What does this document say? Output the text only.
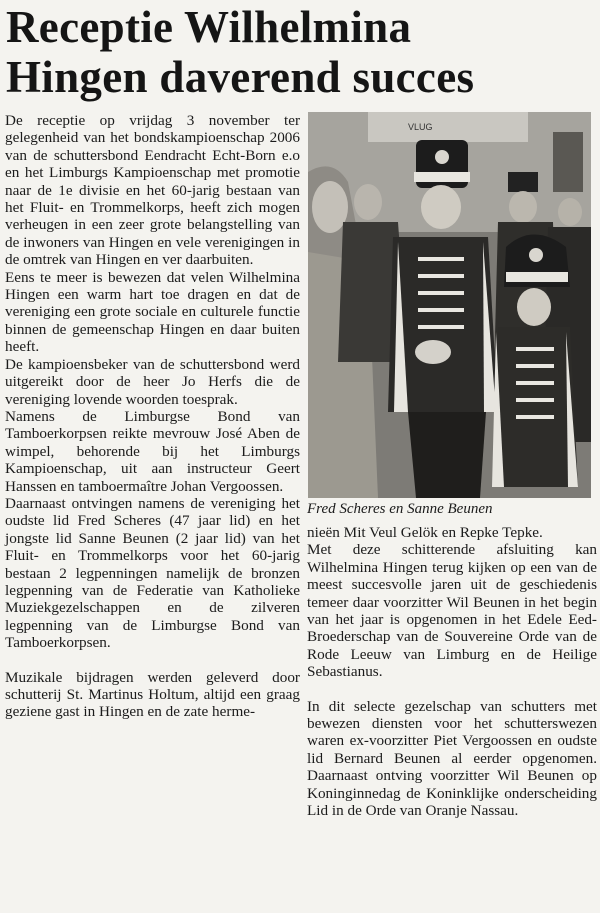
Receptie Wilhelmina
Hingen daverend succes
De receptie op vrijdag 3 november ter gelegenheid van het bondskampioenschap 2006 van de schuttersbond Eendracht Echt-Born e.o en het Limburgs Kampioenschap met promotie naar de 1e divisie en het 60-jarig bestaan van het Fluit- en Trommelkorps, heeft zich mogen verheugen in een zeer grote belangstelling van de inwoners van Hingen en vele verenigingen in de omtrek van Hingen en ver daarbuiten.
Eens te meer is bewezen dat velen Wilhelmina Hingen een warm hart toe dragen en dat de vereniging een grote sociale en culturele functie binnen de gemeenschap Hingen en daar buiten heeft.
De kampioensbeker van de schuttersbond werd uitgereikt door de heer Jo Herfs die de vereniging lovende woorden toesprak.
Namens de Limburgse Bond van Tamboerkorpsen reikte mevrouw José Aben de wimpel, behorende bij het Limburgs Kampioenschap, uit aan instructeur Geert Hanssen en tamboermaître Johan Vergoossen.
Daarnaast ontvingen namens de vereniging het oudste lid Fred Scheres (47 jaar lid) en het jongste lid Sanne Beunen (2 jaar lid) van het Fluit- en Trommelkorps voor het 60-jarig bestaan 2 legpenningen namelijk de bronzen legpenning van de Federatie van Katholieke Muziekgezelschappen en de zilveren legpenning van de Limburgse Bond van Tamboerkorpsen.
Muzikale bijdragen werden geleverd door schutterij St. Martinus Holtum, altijd een graag geziene gast in Hingen en de zate herme-
VLUG
Fred Scheres en Sanne Beunen
nieën Mit Veul Gelök en Repke Tepke.
Met deze schitterende afsluiting kan Wilhelmina Hingen terug kijken op een van de meest succesvolle jaren uit de geschiedenis temeer daar voorzitter Wil Beunen in het begin van het jaar is opgenomen in het Edele Eed-Broederschap van de Souvereine Orde van de Rode Leeuw van Limburg en de Heilige Sebastianus.
In dit selecte gezelschap van schutters met bewezen diensten voor het schutterswezen waren ex-voorzitter Piet Vergoossen en oudste lid Bernard Beunen al eerder opgenomen. Daarnaast ontving voorzitter Wil Beunen op Koninginnedag de Koninklijke onderscheiding Lid in de Orde van Oranje Nassau.
